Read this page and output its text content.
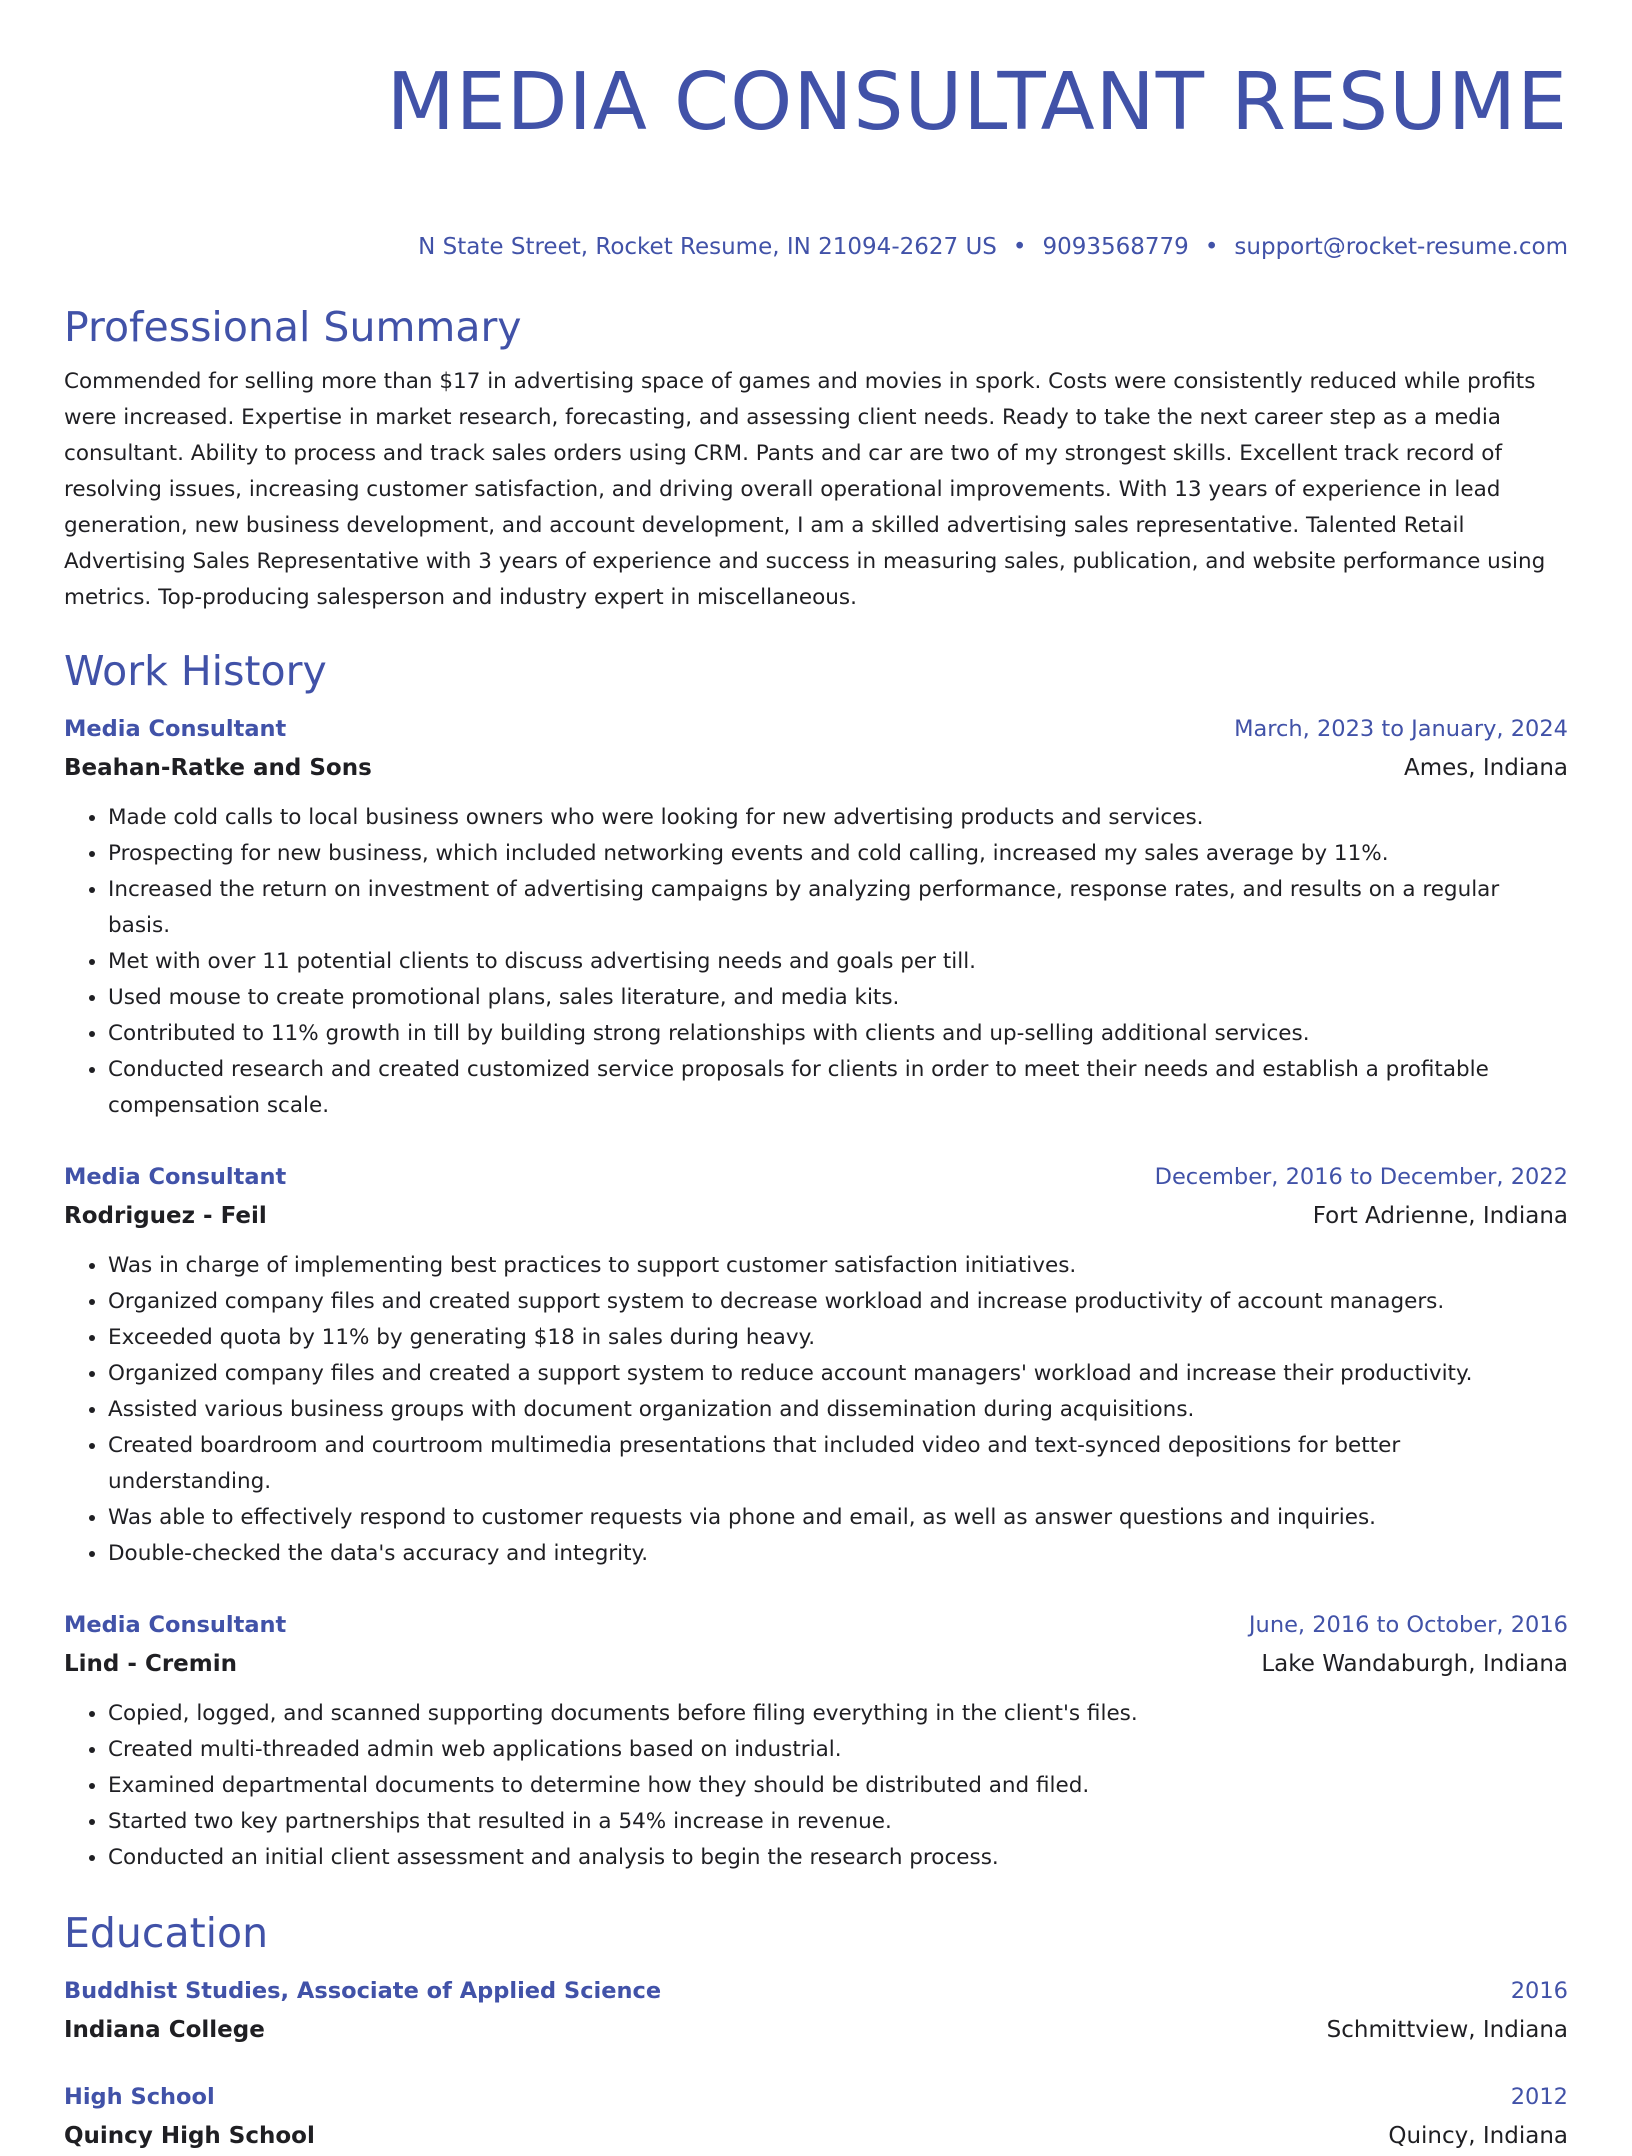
MEDIA CONSULTANT RESUME
N State Street, Rocket Resume, IN 21094-2627 US • 9093568779 • support@rocket-resume.com
Professional Summary
Commended for selling more than $17 in advertising space of games and movies in spork. Costs were consistently reduced while profits were increased. Expertise in market research, forecasting, and assessing client needs. Ready to take the next career step as a media consultant. Ability to process and track sales orders using CRM. Pants and car are two of my strongest skills. Excellent track record of resolving issues, increasing customer satisfaction, and driving overall operational improvements. With 13 years of experience in lead generation, new business development, and account development, I am a skilled advertising sales representative. Talented Retail Advertising Sales Representative with 3 years of experience and success in measuring sales, publication, and website performance using metrics. Top-producing salesperson and industry expert in miscellaneous.
Work History
Media Consultant	March, 2023 to January, 2024
Beahan-Ratke and Sons	Ames, Indiana
• Made cold calls to local business owners who were looking for new advertising products and services.
• Prospecting for new business, which included networking events and cold calling, increased my sales average by 11%.
• Increased the return on investment of advertising campaigns by analyzing performance, response rates, and results on a regular basis.
• Met with over 11 potential clients to discuss advertising needs and goals per till.
• Used mouse to create promotional plans, sales literature, and media kits.
• Contributed to 11% growth in till by building strong relationships with clients and up-selling additional services.
• Conducted research and created customized service proposals for clients in order to meet their needs and establish a profitable compensation scale.
Media Consultant	December, 2016 to December, 2022
Rodriguez - Feil	Fort Adrienne, Indiana
• Was in charge of implementing best practices to support customer satisfaction initiatives.
• Organized company files and created support system to decrease workload and increase productivity of account managers.
• Exceeded quota by 11% by generating $18 in sales during heavy.
• Organized company files and created a support system to reduce account managers' workload and increase their productivity.
• Assisted various business groups with document organization and dissemination during acquisitions.
• Created boardroom and courtroom multimedia presentations that included video and text-synced depositions for better understanding.
• Was able to effectively respond to customer requests via phone and email, as well as answer questions and inquiries.
• Double-checked the data's accuracy and integrity.
Media Consultant	June, 2016 to October, 2016
Lind - Cremin	Lake Wandaburgh, Indiana
• Copied, logged, and scanned supporting documents before filing everything in the client's files.
• Created multi-threaded admin web applications based on industrial.
• Examined departmental documents to determine how they should be distributed and filed.
• Started two key partnerships that resulted in a 54% increase in revenue.
• Conducted an initial client assessment and analysis to begin the research process.
Education
Buddhist Studies, Associate of Applied Science	2016
Indiana College	Schmittview, Indiana
High School	2012
Quincy High School	Quincy, Indiana
